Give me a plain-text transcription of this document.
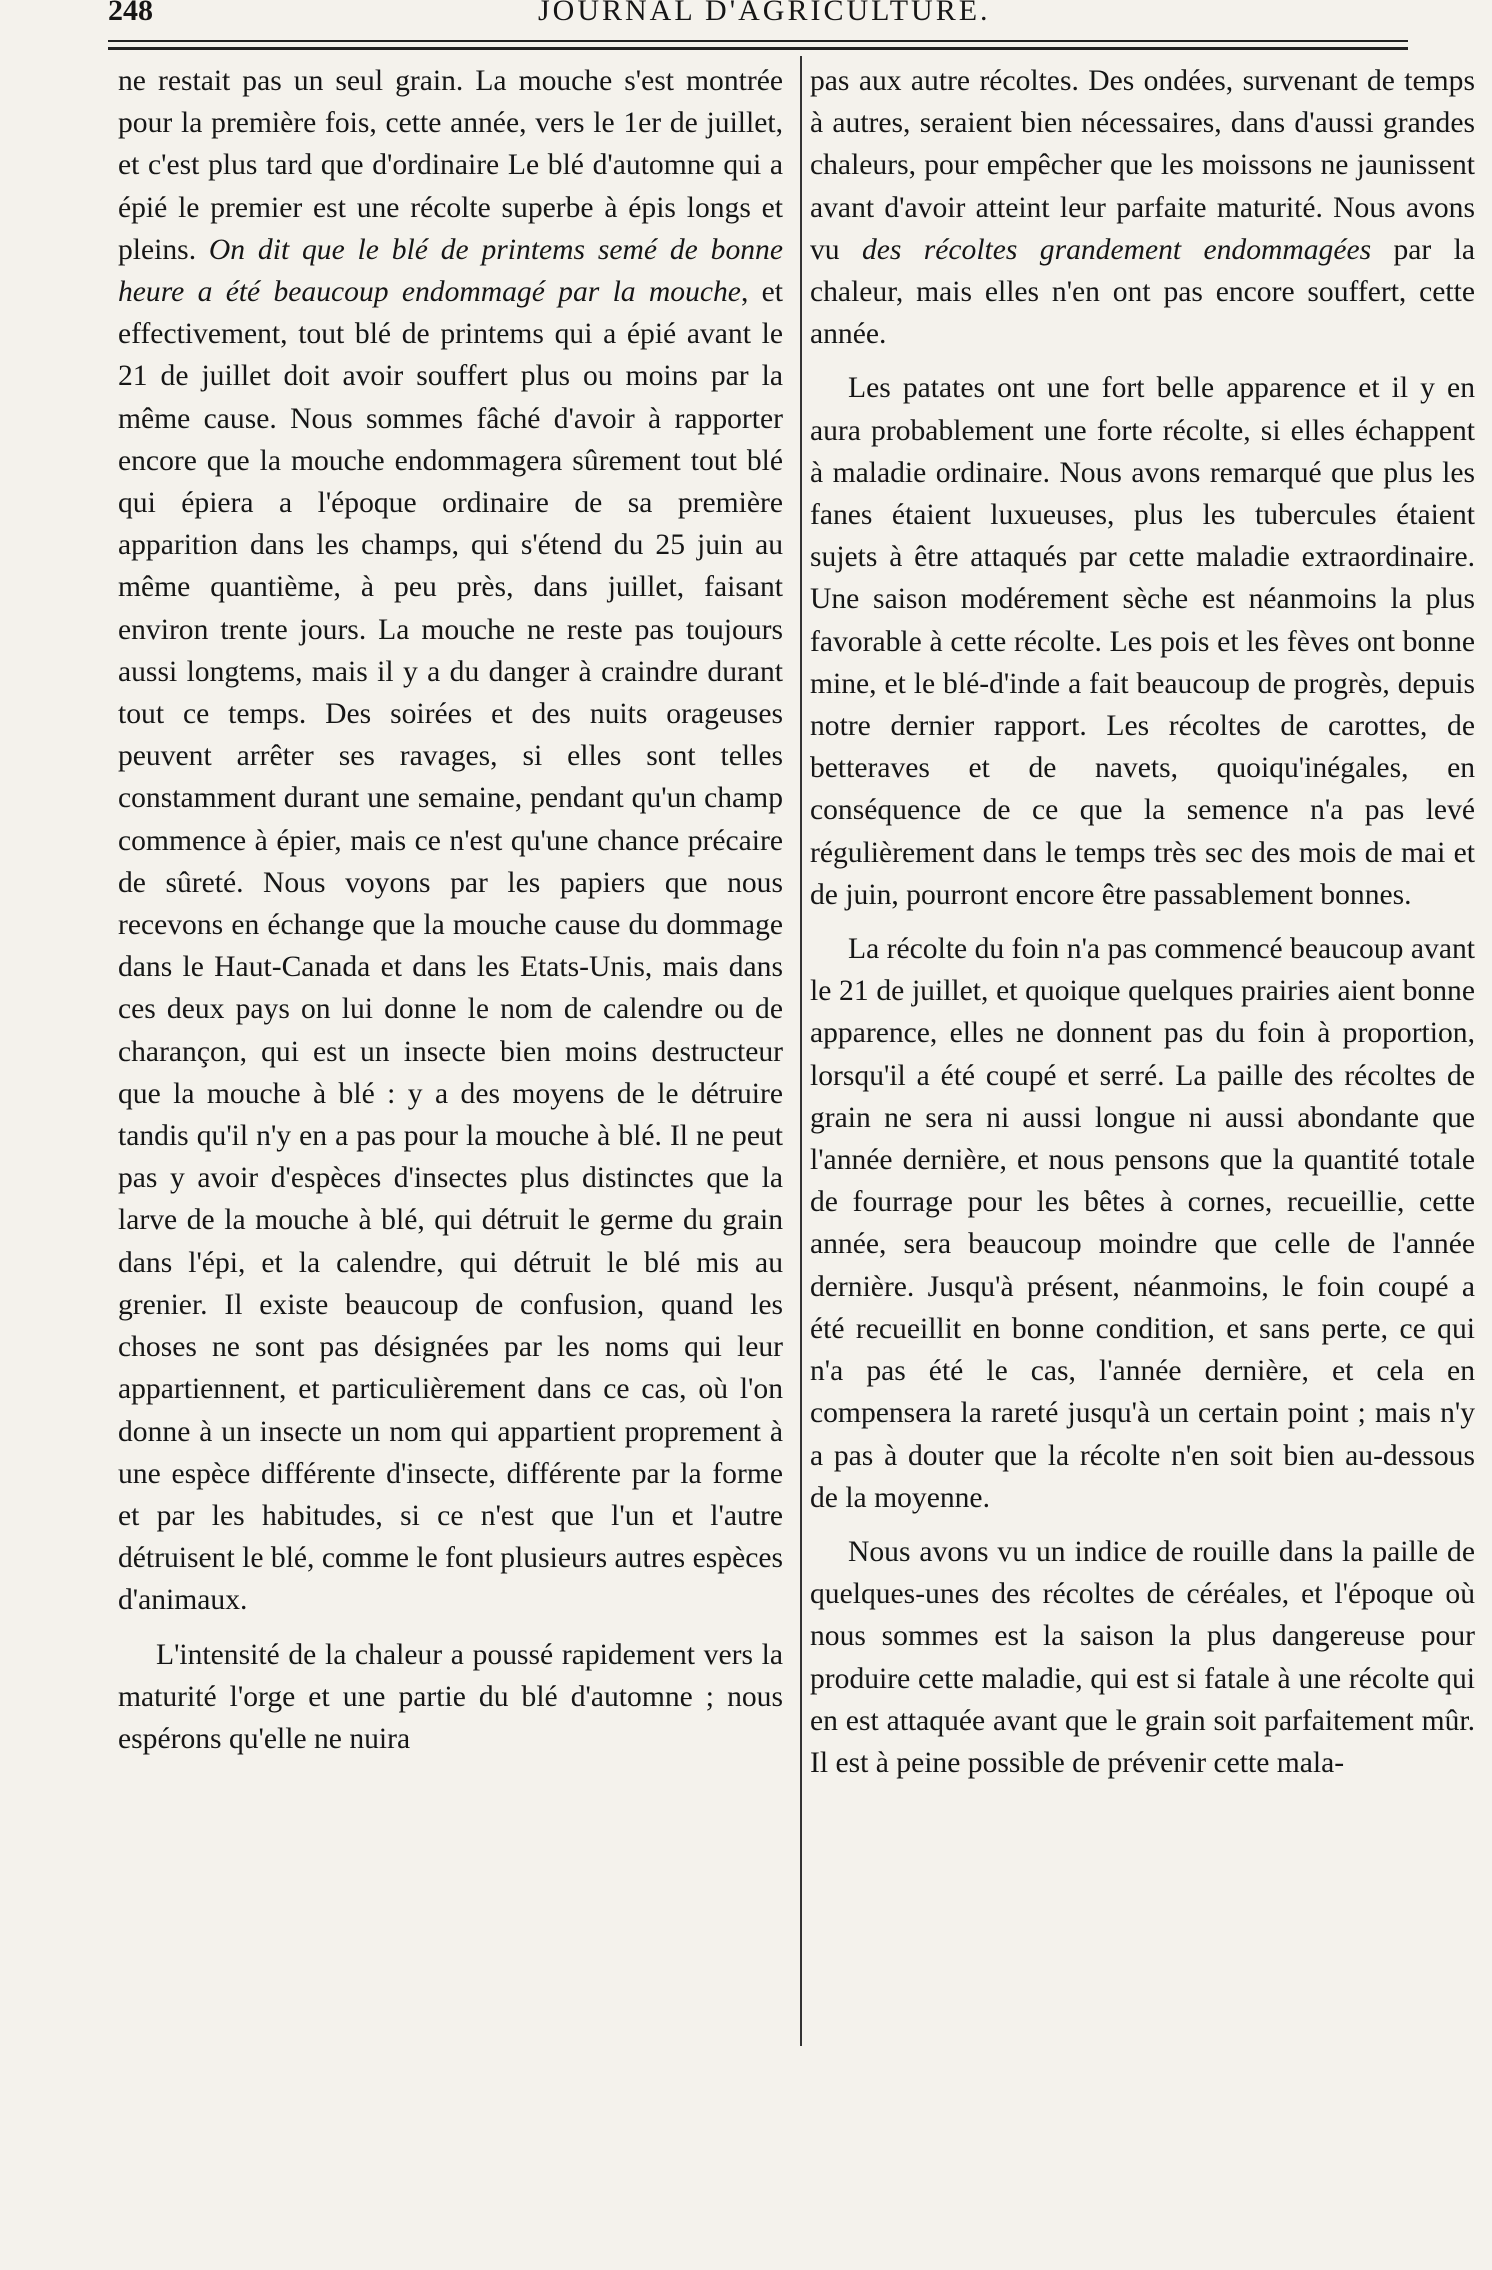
248	JOURNAL D'AGRICULTURE.

ne restait pas un seul grain. La mouche s'est montrée pour la première fois, cette année, vers le 1er de juillet, et c'est plus tard que d'ordinaire Le blé d'automne qui a épié le premier est une récolte superbe à épis longs et pleins. On dit que le blé de printems semé de bonne heure a été beaucoup endommagé par la mouche, et effectivement, tout blé de printems qui a épié avant le 21 de juillet doit avoir souffert plus ou moins par la même cause. Nous sommes fâché d'avoir à rapporter encore que la mouche endommagera sûrement tout blé qui épiera a l'époque ordinaire de sa première apparition dans les champs, qui s'étend du 25 juin au même quantième, à peu près, dans juillet, faisant environ trente jours. La mouche ne reste pas toujours aussi longtems, mais il y a du danger à craindre durant tout ce temps. Des soirées et des nuits orageuses peuvent arrêter ses ravages, si elles sont telles constamment durant une semaine, pendant qu'un champ commence à épier, mais ce n'est qu'une chance précaire de sûreté. Nous voyons par les papiers que nous recevons en échange que la mouche cause du dommage dans le Haut-Canada et dans les Etats-Unis, mais dans ces deux pays on lui donne le nom de calendre ou de charançon, qui est un insecte bien moins destructeur que la mouche à blé : y a des moyens de le détruire tandis qu'il n'y en a pas pour la mouche à blé. Il ne peut pas y avoir d'espèces d'insectes plus distinctes que la larve de la mouche à blé, qui détruit le germe du grain dans l'épi, et la calendre, qui détruit le blé mis au grenier. Il existe beaucoup de confusion, quand les choses ne sont pas désignées par les noms qui leur appartiennent, et particulièrement dans ce cas, où l'on donne à un insecte un nom qui appartient proprement à une espèce différente d'insecte, différente par la forme et par les habitudes, si ce n'est que l'un et l'autre détruisent le blé, comme le font plusieurs autres espèces d'animaux.

L'intensité de la chaleur a poussé rapidement vers la maturité l'orge et une partie du blé d'automne ; nous espérons qu'elle ne nuira

pas aux autre récoltes. Des ondées, survenant de temps à autres, seraient bien nécessaires, dans d'aussi grandes chaleurs, pour empêcher que les moissons ne jaunissent avant d'avoir atteint leur parfaite maturité. Nous avons vu des récoltes grandement endommagées par la chaleur, mais elles n'en ont pas encore souffert, cette année.

Les patates ont une fort belle apparence et il y en aura probablement une forte récolte, si elles échappent à maladie ordinaire. Nous avons remarqué que plus les fanes étaient luxueuses, plus les tubercules étaient sujets à être attaqués par cette maladie extraordinaire. Une saison modérement sèche est néanmoins la plus favorable à cette récolte. Les pois et les fèves ont bonne mine, et le blé-d'inde a fait beaucoup de progrès, depuis notre dernier rapport. Les récoltes de carottes, de betteraves et de navets, quoiqu'inégales, en conséquence de ce que la semence n'a pas levé régulièrement dans le temps très sec des mois de mai et de juin, pourront encore être passablement bonnes.

La récolte du foin n'a pas commencé beaucoup avant le 21 de juillet, et quoique quelques prairies aient bonne apparence, elles ne donnent pas du foin à proportion, lorsqu'il a été coupé et serré. La paille des récoltes de grain ne sera ni aussi longue ni aussi abondante que l'année dernière, et nous pensons que la quantité totale de fourrage pour les bêtes à cornes, recueillie, cette année, sera beaucoup moindre que celle de l'année dernière. Jusqu'à présent, néanmoins, le foin coupé a été recueillit en bonne condition, et sans perte, ce qui n'a pas été le cas, l'année dernière, et cela en compensera la rareté jusqu'à un certain point ; mais n'y a pas à douter que la récolte n'en soit bien au-dessous de la moyenne.

Nous avons vu un indice de rouille dans la paille de quelques-unes des récoltes de céréales, et l'époque où nous sommes est la saison la plus dangereuse pour produire cette maladie, qui est si fatale à une récolte qui en est attaquée avant que le grain soit parfaitement mûr. Il est à peine possible de prévenir cette mala-
